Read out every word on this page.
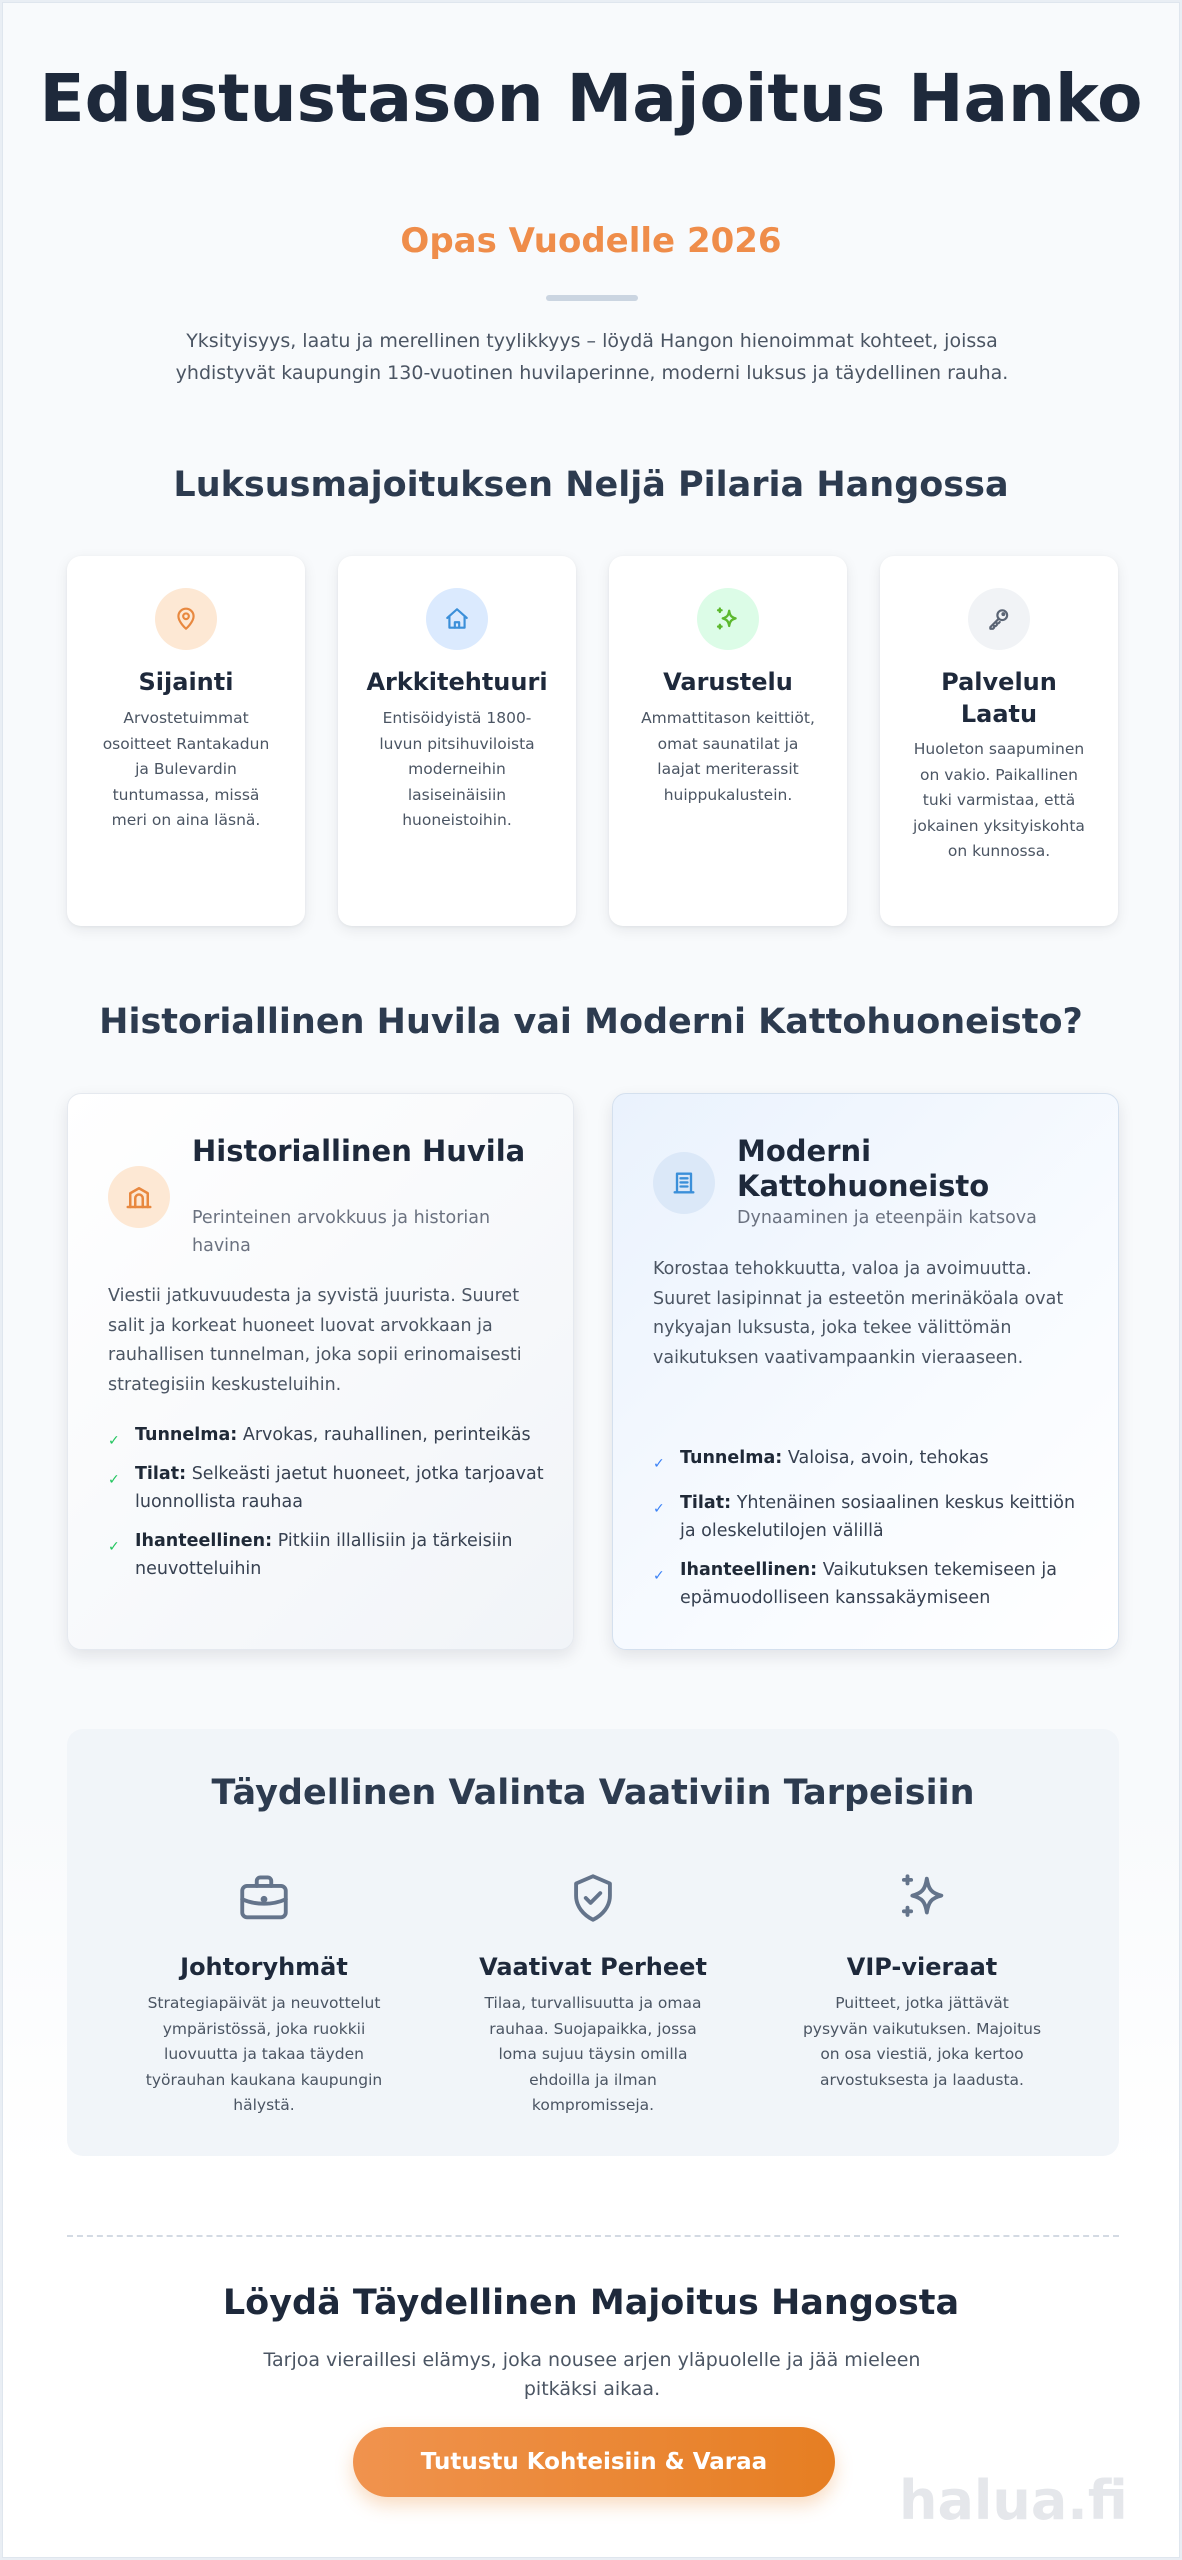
Edustustason Majoitus Hanko
Opas Vuodelle 2026

Yksityisyys, laatu ja merellinen tyylikkyys – löydä Hangon hienoimmat kohteet, joissa yhdistyvät kaupungin 130-vuotinen huvilaperinne, moderni luksus ja täydellinen rauha.

Luksusmajoituksen Neljä Pilaria Hangossa
Sijainti
Arvostetuimmat osoitteet Rantakadun ja Bulevardin tuntumassa, missä meri on aina läsnä.
Arkkitehtuuri
Entisöidyistä 1800-luvun pitsihuviloista moderneihin lasiseinäisiin huoneistoihin.
Varustelu
Ammattitason keittiöt, omat saunatilat ja laajat meriterassit huippukalustein.
Palvelun Laatu
Huoleton saapuminen on vakio. Paikallinen tuki varmistaa, että jokainen yksityiskohta on kunnossa.
Historiallinen Huvila vai Moderni Kattohuoneisto?
Historiallinen Huvila
Perinteinen arvokkuus ja historian havina
Viestii jatkuvuudesta ja syvistä juurista. Suuret salit ja korkeat huoneet luovat arvokkaan ja rauhallisen tunnelman, joka sopii erinomaisesti strategisiin keskusteluihin.
✓ Tunnelma: Arvokas, rauhallinen, perinteikäs
✓ Tilat: Selkeästi jaetut huoneet, jotka tarjoavat luonnollista rauhaa
✓ Ihanteellinen: Pitkiin illallisiin ja tärkeisiin neuvotteluihin
Moderni Kattohuoneisto
Dynaaminen ja eteenpäin katsova
Korostaa tehokkuutta, valoa ja avoimuutta. Suuret lasipinnat ja esteetön merinäköala ovat nykyajan luksusta, joka tekee välittömän vaikutuksen vaativampaankin vieraaseen.
✓ Tunnelma: Valoisa, avoin, tehokas
✓ Tilat: Yhtenäinen sosiaalinen keskus keittiön ja oleskelutilojen välillä
✓ Ihanteellinen: Vaikutuksen tekemiseen ja epämuodolliseen kanssakäymiseen
Täydellinen Valinta Vaativiin Tarpeisiin
Johtoryhmät
Strategiapäivät ja neuvottelut ympäristössä, joka ruokkii luovuutta ja takaa täyden työrauhan kaukana kaupungin hälystä.
Vaativat Perheet
Tilaa, turvallisuutta ja omaa rauhaa. Suojapaikka, jossa loma sujuu täysin omilla ehdoilla ja ilman kompromisseja.
VIP-vieraat
Puitteet, jotka jättävät pysyvän vaikutuksen. Majoitus on osa viestiä, joka kertoo arvostuksesta ja laadusta.
Löydä Täydellinen Majoitus Hangosta

Tarjoa vieraillesi elämys, joka nousee arjen yläpuolelle ja jää mieleen pitkäksi aikaa.

Tutustu Kohteisiin & Varaa
halua.fi
